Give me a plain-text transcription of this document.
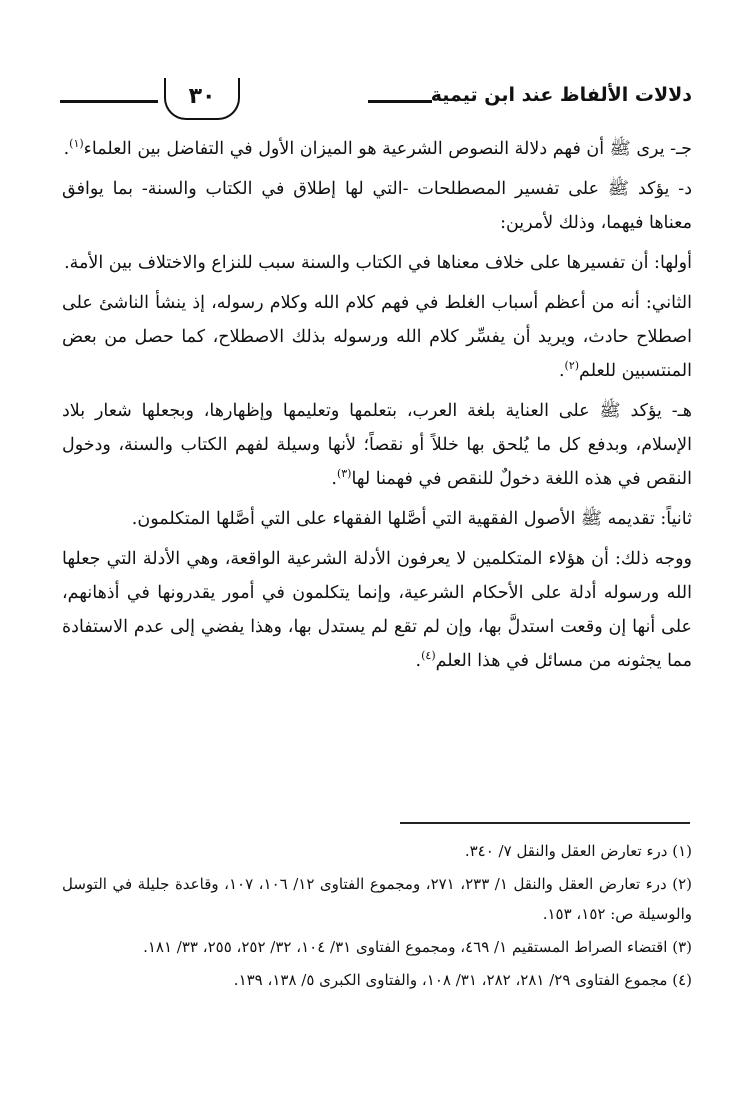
٣٠	دلالات الألفاظ عند ابن تيمية

جـ- يرى ﷺ أن فهم دلالة النصوص الشرعية هو الميزان الأول في التفاضل بين العلماء$^{(١)}$.

د- يؤكد ﷺ على تفسير المصطلحات -التي لها إطلاق في الكتاب والسنة- بما يوافق معناها فيهما، وذلك لأمرين:

أولها: أن تفسيرها على خلاف معناها في الكتاب والسنة سبب للنزاع والاختلاف بين الأمة.

الثاني: أنه من أعظم أسباب الغلط في فهم كلام الله وكلام رسوله، إذ ينشأ الناشئ على اصطلاح حادث، ويريد أن يفسِّر كلام الله ورسوله بذلك الاصطلاح، كما حصل من بعض المنتسبين للعلم$^{(٢)}$.

هـ- يؤكد ﷺ على العناية بلغة العرب، بتعلمها وتعليمها وإظهارها، وبجعلها شعار بلاد الإسلام، وبدفع كل ما يُلحق بها خللاً أو نقصاً؛ لأنها وسيلة لفهم الكتاب والسنة، ودخول النقص في هذه اللغة دخولٌ للنقص في فهمنا لها$^{(٣)}$.

ثانياً: تقديمه ﷺ الأصول الفقهية التي أصَّلها الفقهاء على التي أصَّلها المتكلمون.

ووجه ذلك: أن هؤلاء المتكلمين لا يعرفون الأدلة الشرعية الواقعة، وهي الأدلة التي جعلها الله ورسوله أدلة على الأحكام الشرعية، وإنما يتكلمون في أمور يقدرونها في أذهانهم، على أنها إن وقعت استدلَّ بها، وإن لم تقع لم يستدل بها، وهذا يفضي إلى عدم الاستفادة مما يجثونه من مسائل في هذا العلم$^{(٤)}$.

(١) درء تعارض العقل والنقل ٧/ ٣٤٠.
(٢) درء تعارض العقل والنقل ١/ ٢٣٣، ٢٧١، ومجموع الفتاوى ١٢/ ١٠٦، ١٠٧، وقاعدة جليلة في التوسل والوسيلة ص: ١٥٢، ١٥٣.
(٣) اقتضاء الصراط المستقيم ١/ ٤٦٩، ومجموع الفتاوى ٣١/ ١٠٤، ٣٢/ ٢٥٢، ٢٥٥، ٣٣/ ١٨١.
(٤) مجموع الفتاوى ٢٩/ ٢٨١، ٢٨٢، ٣١/ ١٠٨، والفتاوى الكبرى ٥/ ١٣٨، ١٣٩.
